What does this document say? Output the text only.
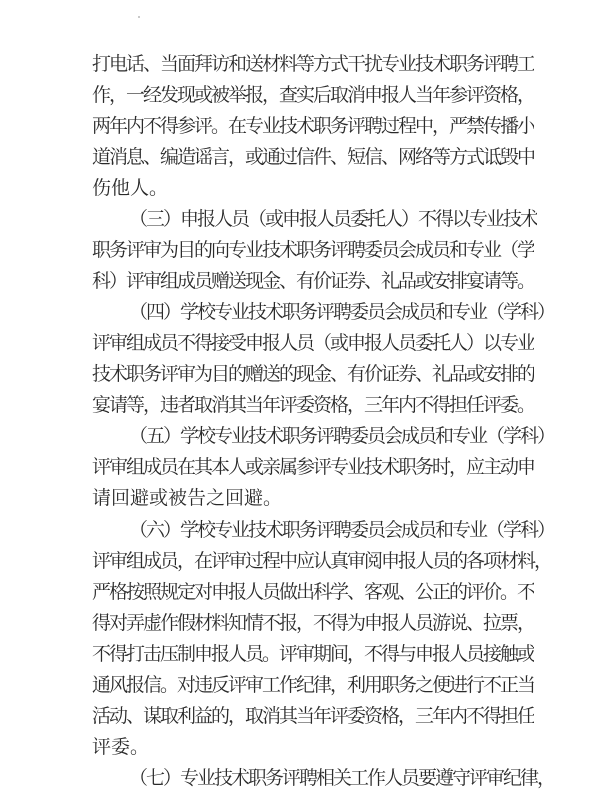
打电话、当面拜访和送材料等方式干扰专业技术职务评聘工
作，一经发现或被举报，查实后取消申报人当年参评资格，
两年内不得参评。在专业技术职务评聘过程中，严禁传播小
道消息、编造谣言，或通过信件、短信、网络等方式诋毁中
伤他人。
（三）申报人员（或申报人员委托人）不得以专业技术
职务评审为目的向专业技术职务评聘委员会成员和专业（学
科）评审组成员赠送现金、有价证券、礼品或安排宴请等。
（四）学校专业技术职务评聘委员会成员和专业（学科）
评审组成员不得接受申报人员（或申报人员委托人）以专业
技术职务评审为目的赠送的现金、有价证券、礼品或安排的
宴请等，违者取消其当年评委资格，三年内不得担任评委。
（五）学校专业技术职务评聘委员会成员和专业（学科）
评审组成员在其本人或亲属参评专业技术职务时，应主动申
请回避或被告之回避。
（六）学校专业技术职务评聘委员会成员和专业（学科）
评审组成员，在评审过程中应认真审阅申报人员的各项材料，
严格按照规定对申报人员做出科学、客观、公正的评价。不
得对弄虚作假材料知情不报，不得为申报人员游说、拉票，
不得打击压制申报人员。评审期间，不得与申报人员接触或
通风报信。对违反评审工作纪律，利用职务之便进行不正当
活动、谋取利益的，取消其当年评委资格，三年内不得担任
评委。
（七）专业技术职务评聘相关工作人员要遵守评审纪律，
